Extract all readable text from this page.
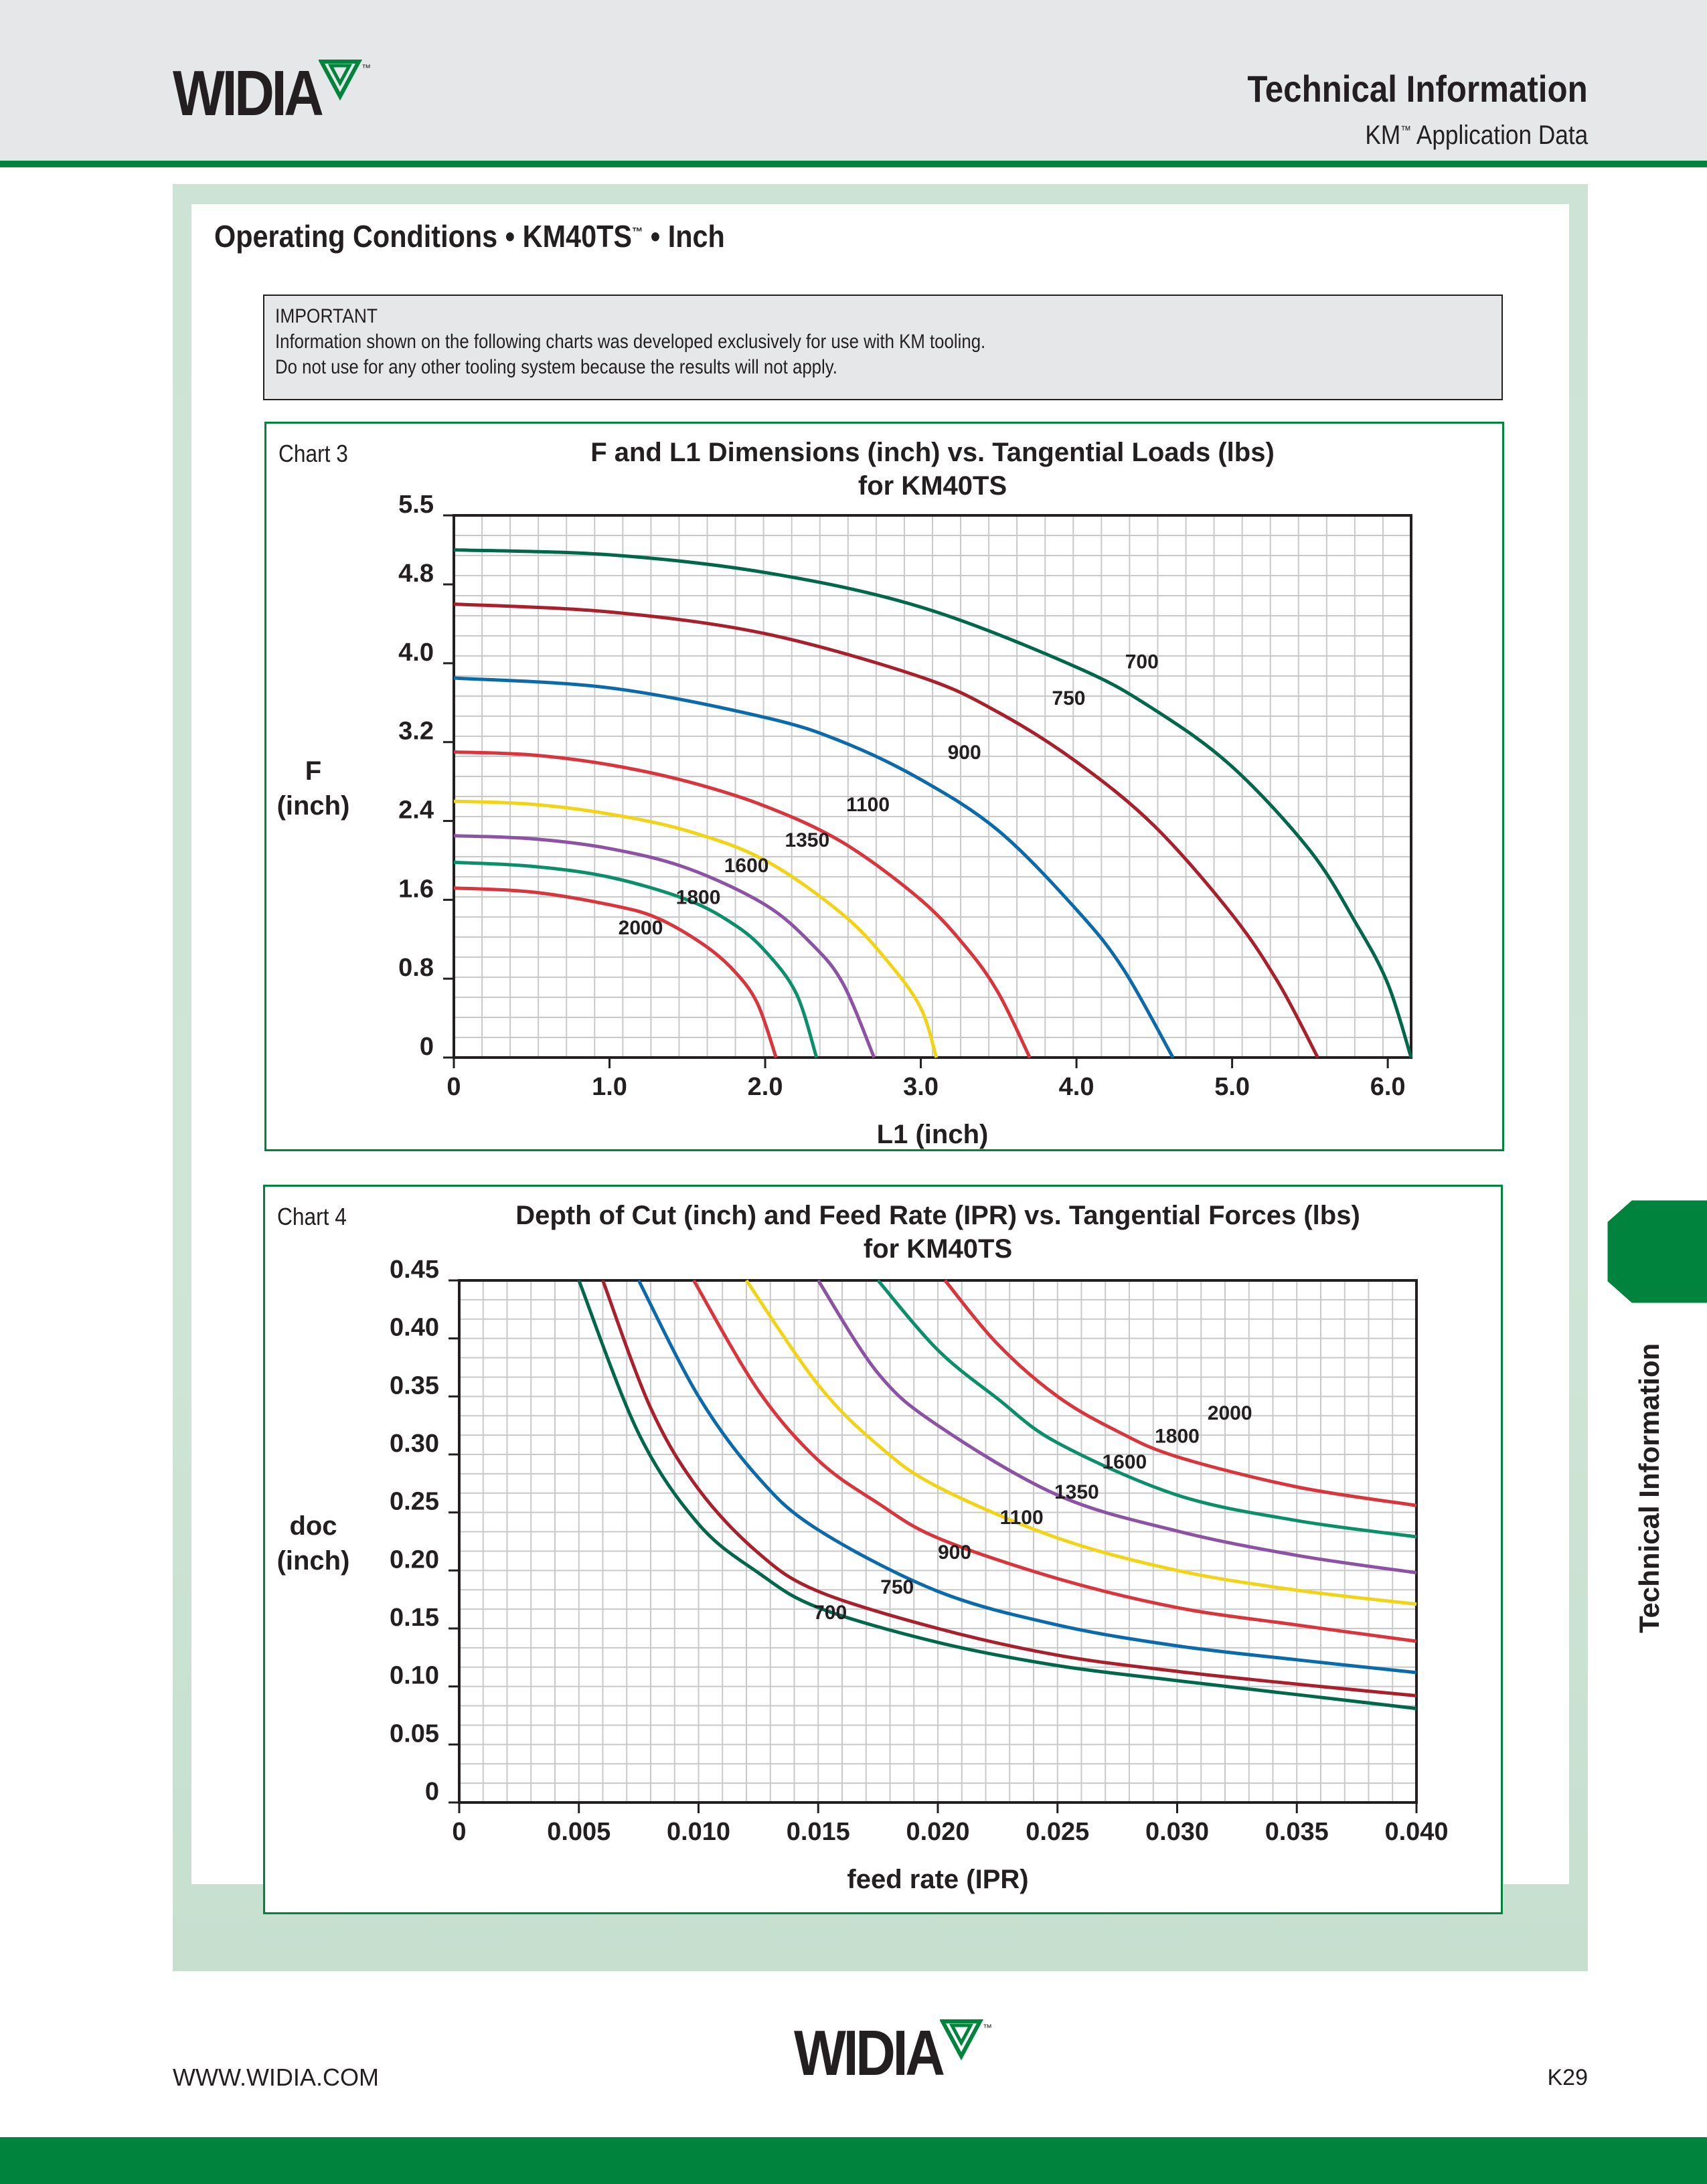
WIDIA	™	Technical Information
KM™ Application Data
Operating Conditions • KM40TS™ • Inch
IMPORTANT
Information shown on the following charts was developed exclusively for use with KM tooling.
Do not use for any other tooling system because the results will not apply.
Chart 3	F and L1 Dimensions (inch) vs. Tangential Loads (lbs)
for KM40TS
0	1.0	2.0	3.0	4.0	5.0	6.0
0
0.8
1.6
2.4
3.2
4.0
4.8
5.5
L1 (inch)
F
(inch)
700
750
900
1100
1350
1600
1800
2000
Chart 4	Depth of Cut (inch) and Feed Rate (IPR) vs. Tangential Forces (lbs)
for KM40TS
0	0.005 0.010 0.015 0.020 0.025 0.030 0.035 0.040
0
0.05
0.10
0.15
0.20
0.25
0.30
0.35
0.40
0.45
feed rate (IPR)
doc
(inch)
700
750
900
1100
1350
1600
1800
2000	Technical Information
WWW.WIDIA.COM	WIDIA	™
K29
